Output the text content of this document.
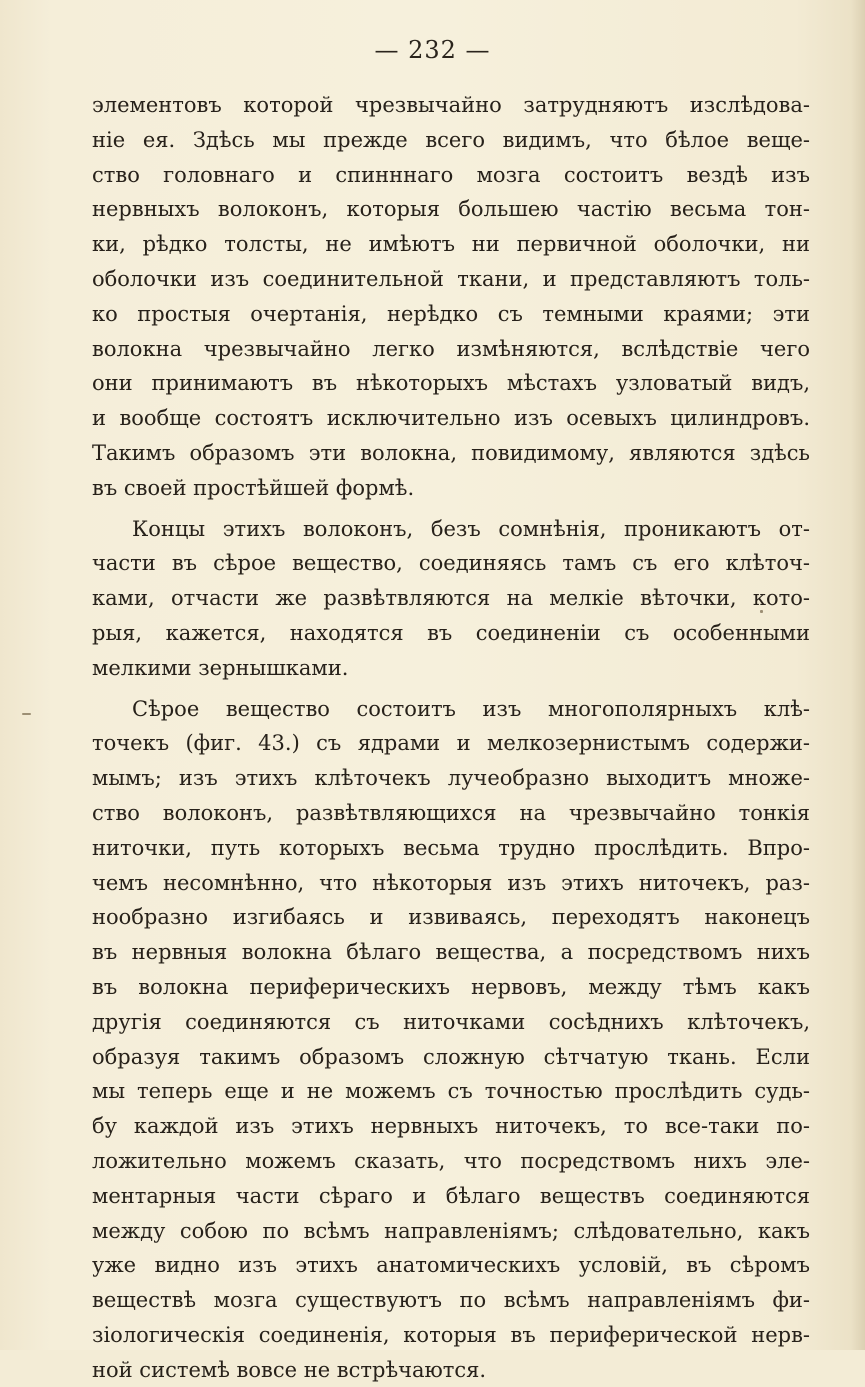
— 232 —
элементовъ которой чрезвычайно затрудняютъ изслѣдова-
ніе ея. Здѣсь мы прежде всего видимъ, что бѣлое веще-
ство головнаго и спинннаго мозга состоитъ вездѣ изъ
нервныхъ волоконъ, которыя большею частію весьма тон-
ки, рѣдко толсты, не имѣютъ ни первичной оболочки, ни
оболочки изъ соединительной ткани, и представляютъ толь-
ко простыя очертанія, нерѣдко съ темными краями; эти
волокна чрезвычайно легко измѣняются, вслѣдствіе чего
они принимаютъ въ нѣкоторыхъ мѣстахъ узловатый видъ,
и вообще состоятъ исключительно изъ осевыхъ цилиндровъ.
Такимъ образомъ эти волокна, повидимому, являются здѣсь
въ своей простѣйшей формѣ.
Концы этихъ волоконъ, безъ сомнѣнія, проникаютъ от-
части въ сѣрое вещество, соединяясь тамъ съ его клѣточ-
ками, отчасти же развѣтвляются на мелкіе вѣточки, кото-
рыя, кажется, находятся въ соединеніи съ особенными
мелкими зернышками.
Сѣрое вещество состоитъ изъ многополярныхъ клѣ-
точекъ (фиг. 43.) съ ядрами и мелкозернистымъ содержи-
мымъ; изъ этихъ клѣточекъ лучеобразно выходитъ множе-
ство волоконъ, развѣтвляющихся на чрезвычайно тонкія
ниточки, путь которыхъ весьма трудно прослѣдить. Впро-
чемъ несомнѣнно, что нѣкоторыя изъ этихъ ниточекъ, раз-
нообразно изгибаясь и извиваясь, переходятъ наконецъ
въ нервныя волокна бѣлаго вещества, а посредствомъ нихъ
въ волокна периферическихъ нервовъ, между тѣмъ какъ
другія соединяются съ ниточками сосѣднихъ клѣточекъ,
образуя такимъ образомъ сложную сѣтчатую ткань. Если
мы теперь еще и не можемъ съ точностью прослѣдить судь-
бу каждой изъ этихъ нервныхъ ниточекъ, то все-таки по-
ложительно можемъ сказать, что посредствомъ нихъ эле-
ментарныя части сѣраго и бѣлаго веществъ соединяются
между собою по всѣмъ направленіямъ; слѣдовательно, какъ
уже видно изъ этихъ анатомическихъ условій, въ сѣромъ
веществѣ мозга существуютъ по всѣмъ направленіямъ фи-
зіологическія соединенія, которыя въ периферической нерв-
ной системѣ вовсе не встрѣчаются.
